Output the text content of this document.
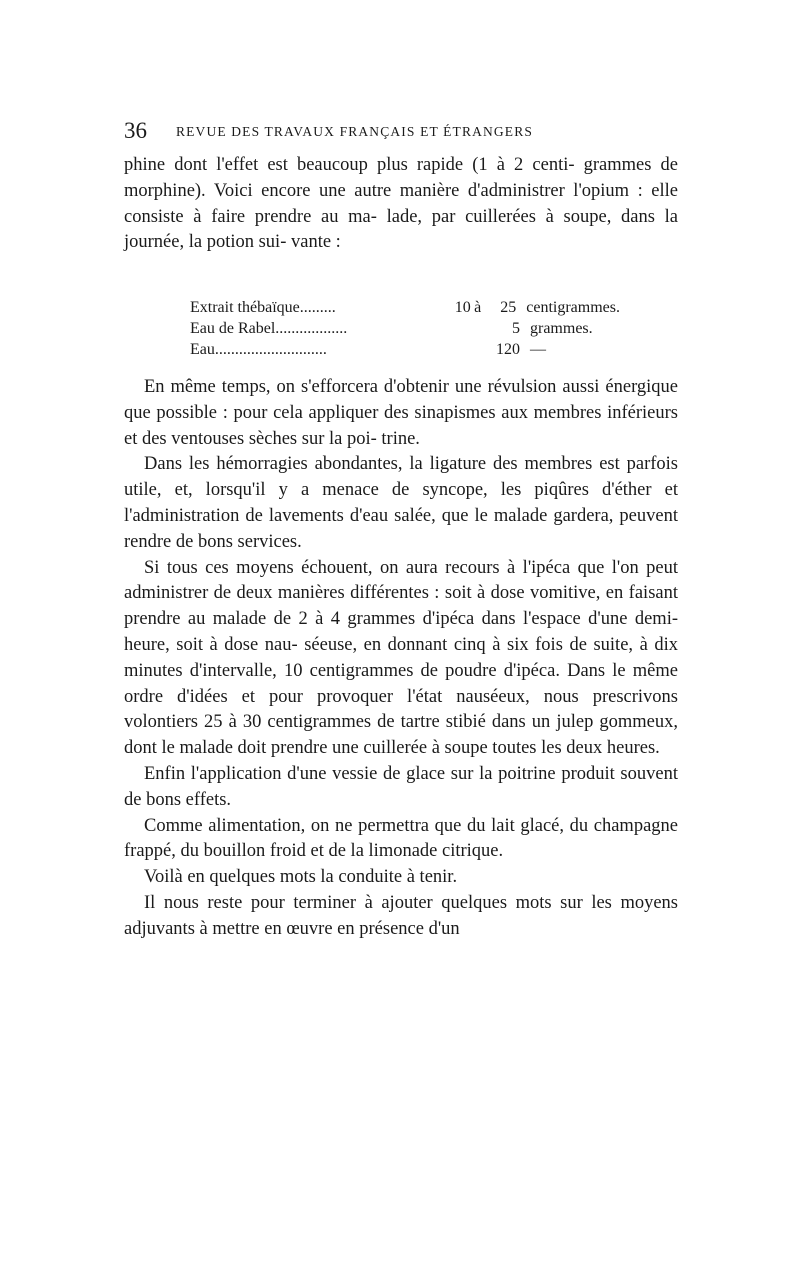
36 REVUE DES TRAVAUX FRANÇAIS ET ÉTRANGERS

phine dont l'effet est beaucoup plus rapide (1 à 2 centi- grammes de morphine). Voici encore une autre manière d'administrer l'opium : elle consiste à faire prendre au ma- lade, par cuillerées à soupe, dans la journée, la potion sui- vante :

Extrait thébaïque.........	10 à	25 centigrammes.
Eau de Rabel..................	5 grammes.
Eau............................	120 —

En même temps, on s'efforcera d'obtenir une révulsion aussi énergique que possible : pour cela appliquer des sinapismes aux membres inférieurs et des ventouses sèches sur la poi- trine.

Dans les hémorragies abondantes, la ligature des membres est parfois utile, et, lorsqu'il y a menace de syncope, les piqûres d'éther et l'administration de lavements d'eau salée, que le malade gardera, peuvent rendre de bons services.

Si tous ces moyens échouent, on aura recours à l'ipéca que l'on peut administrer de deux manières différentes : soit à dose vomitive, en faisant prendre au malade de 2 à 4 grammes d'ipéca dans l'espace d'une demi-heure, soit à dose nau- séeuse, en donnant cinq à six fois de suite, à dix minutes d'intervalle, 10 centigrammes de poudre d'ipéca. Dans le même ordre d'idées et pour provoquer l'état nauséeux, nous prescrivons volontiers 25 à 30 centigrammes de tartre stibié dans un julep gommeux, dont le malade doit prendre une cuillerée à soupe toutes les deux heures.

Enfin l'application d'une vessie de glace sur la poitrine produit souvent de bons effets.

Comme alimentation, on ne permettra que du lait glacé, du champagne frappé, du bouillon froid et de la limonade citrique.

Voilà en quelques mots la conduite à tenir.

Il nous reste pour terminer à ajouter quelques mots sur les moyens adjuvants à mettre en œuvre en présence d'un
